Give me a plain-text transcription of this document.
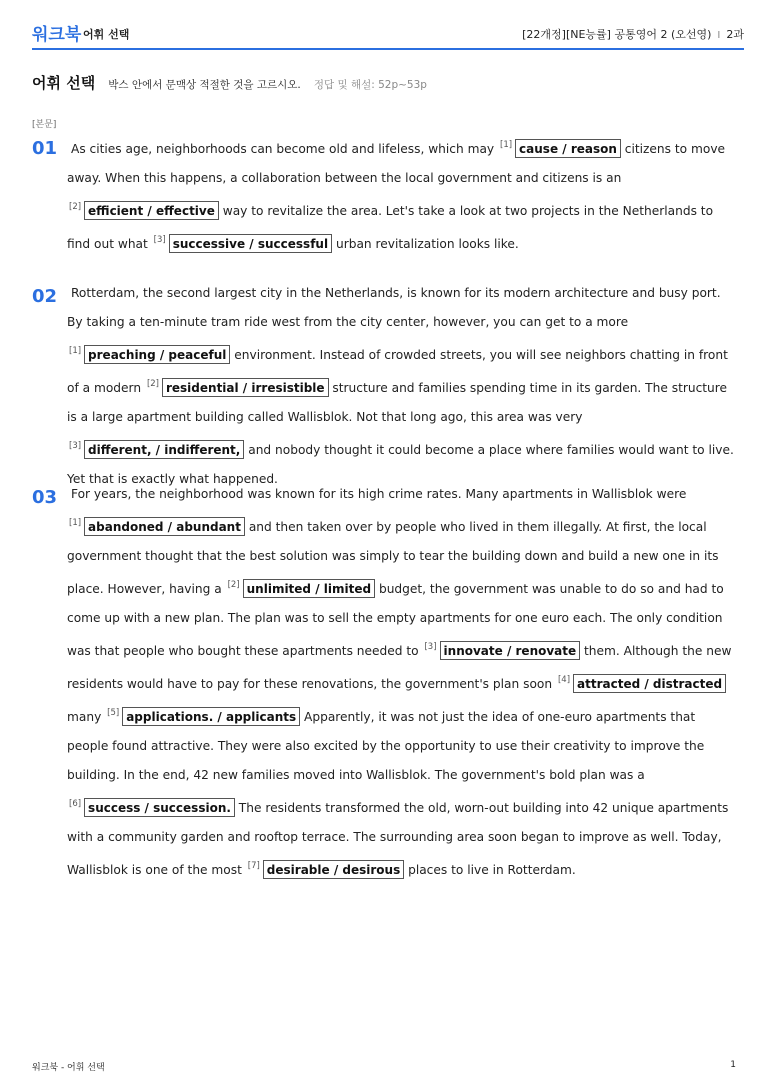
워크북 어휘 선택	[22개정][NE능률] 공통영어 2 (오선영) I 2과
어휘 선택 박스 안에서 문맥상 적절한 것을 고르시오. 정답 및 해설: 52p~53p
[본문]
01	As cities age, neighborhoods can become old and lifeless, which may [1] cause / reason citizens to move away. When this happens, a collaboration between the local government and citizens is an [2] efficient / effective way to revitalize the area. Let's take a look at two projects in the Netherlands to find out what [3] successive / successful urban revitalization looks like.
02	Rotterdam, the second largest city in the Netherlands, is known for its modern architecture and busy port. By taking a ten-minute tram ride west from the city center, however, you can get to a more [1] preaching / peaceful environment. Instead of crowded streets, you will see neighbors chatting in front of a modern [2] residential / irresistible structure and families spending time in its garden. The structure is a large apartment building called Wallisblok. Not that long ago, this area was very [3] different, / indifferent, and nobody thought it could become a place where families would want to live. Yet that is exactly what happened.
03	For years, the neighborhood was known for its high crime rates. Many apartments in Wallisblok were [1] abandoned / abundant and then taken over by people who lived in them illegally. At first, the local government thought that the best solution was simply to tear the building down and build a new one in its place. However, having a [2] unlimited / limited budget, the government was unable to do so and had to come up with a new plan. The plan was to sell the empty apartments for one euro each. The only condition was that people who bought these apartments needed to [3] innovate / renovate them. Although the new residents would have to pay for these renovations, the government's plan soon [4] attracted / distracted many [5] applications. / applicants Apparently, it was not just the idea of one-euro apartments that people found attractive. They were also excited by the opportunity to use their creativity to improve the building. In the end, 42 new families moved into Wallisblok. The government's bold plan was a [6] success / succession. The residents transformed the old, worn-out building into 42 unique apartments with a community garden and rooftop terrace. The surrounding area soon began to improve as well. Today, Wallisblok is one of the most [7] desirable / desirous places to live in Rotterdam.
워크북 - 어휘 선택	1
